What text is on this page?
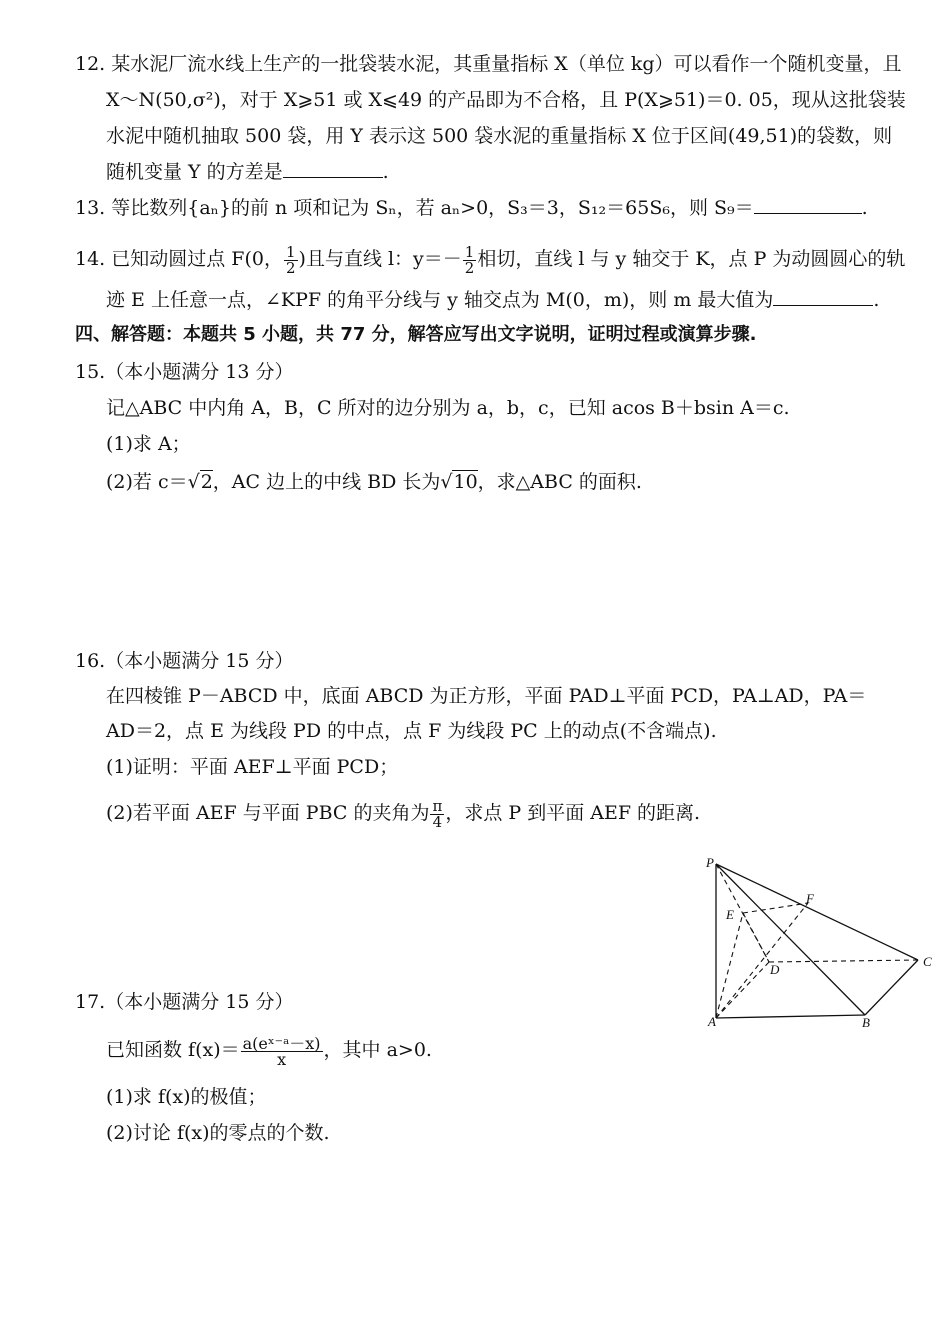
12. 某水泥厂流水线上生产的一批袋装水泥，其重量指标 X（单位 kg）可以看作一个随机变量，且
X～N(50,σ²)，对于 X⩾51 或 X⩽49 的产品即为不合格，且 P(X⩾51)＝0. 05，现从这批袋装
水泥中随机抽取 500 袋，用 Y 表示这 500 袋水泥的重量指标 X 位于区间(49,51)的袋数，则
随机变量 Y 的方差是	.
13. 等比数列{aₙ}的前 n 项和记为 Sₙ，若 aₙ>0，S₃＝3，S₁₂＝65S₆，则 S₉＝	.
14. 已知动圆过点 F(0， $\frac{1}{2}$ )且与直线 l：$y=- \frac{1}{2}$ 相切，直线 l 与 y 轴交于 K，点 P 为动圆圆心的轨
迹 E 上任意一点，∠KPF 的角平分线与 y 轴交点为 M(0，m)，则 m 最大值为	.
四、解答题：本题共 5 小题，共 77 分，解答应写出文字说明，证明过程或演算步骤.
15.（本小题满分 13 分）
记△ABC 中内角 A，B，C 所对的边分别为 a，b，c，已知 acos B＋bsin A＝c.
(1)求 A；
(2)若 c＝√2，AC 边上的中线 BD 长为√10，求△ABC 的面积.
16.（本小题满分 15 分）
在四棱锥 P－ABCD 中，底面 ABCD 为正方形，平面 PAD⊥平面 PCD，PA⊥AD，PA＝
AD＝2，点 E 为线段 PD 的中点，点 F 为线段 PC 上的动点(不含端点).
(1)证明：平面 AEF⊥平面 PCD；
(2)若平面 AEF 与平面 PBC 的夹角为 $\frac{\pi}{4}$ ，求点 P 到平面 AEF 的距离.
P
E
F
D
C
A	B
17.（本小题满分 15 分）
已知函数 $f(x)= \frac{\text{a(eˣ⁻ᵃ－x)}}{x}$ ，其中 a>0.
(1)求 f(x)的极值；
(2)讨论 f(x)的零点的个数.
